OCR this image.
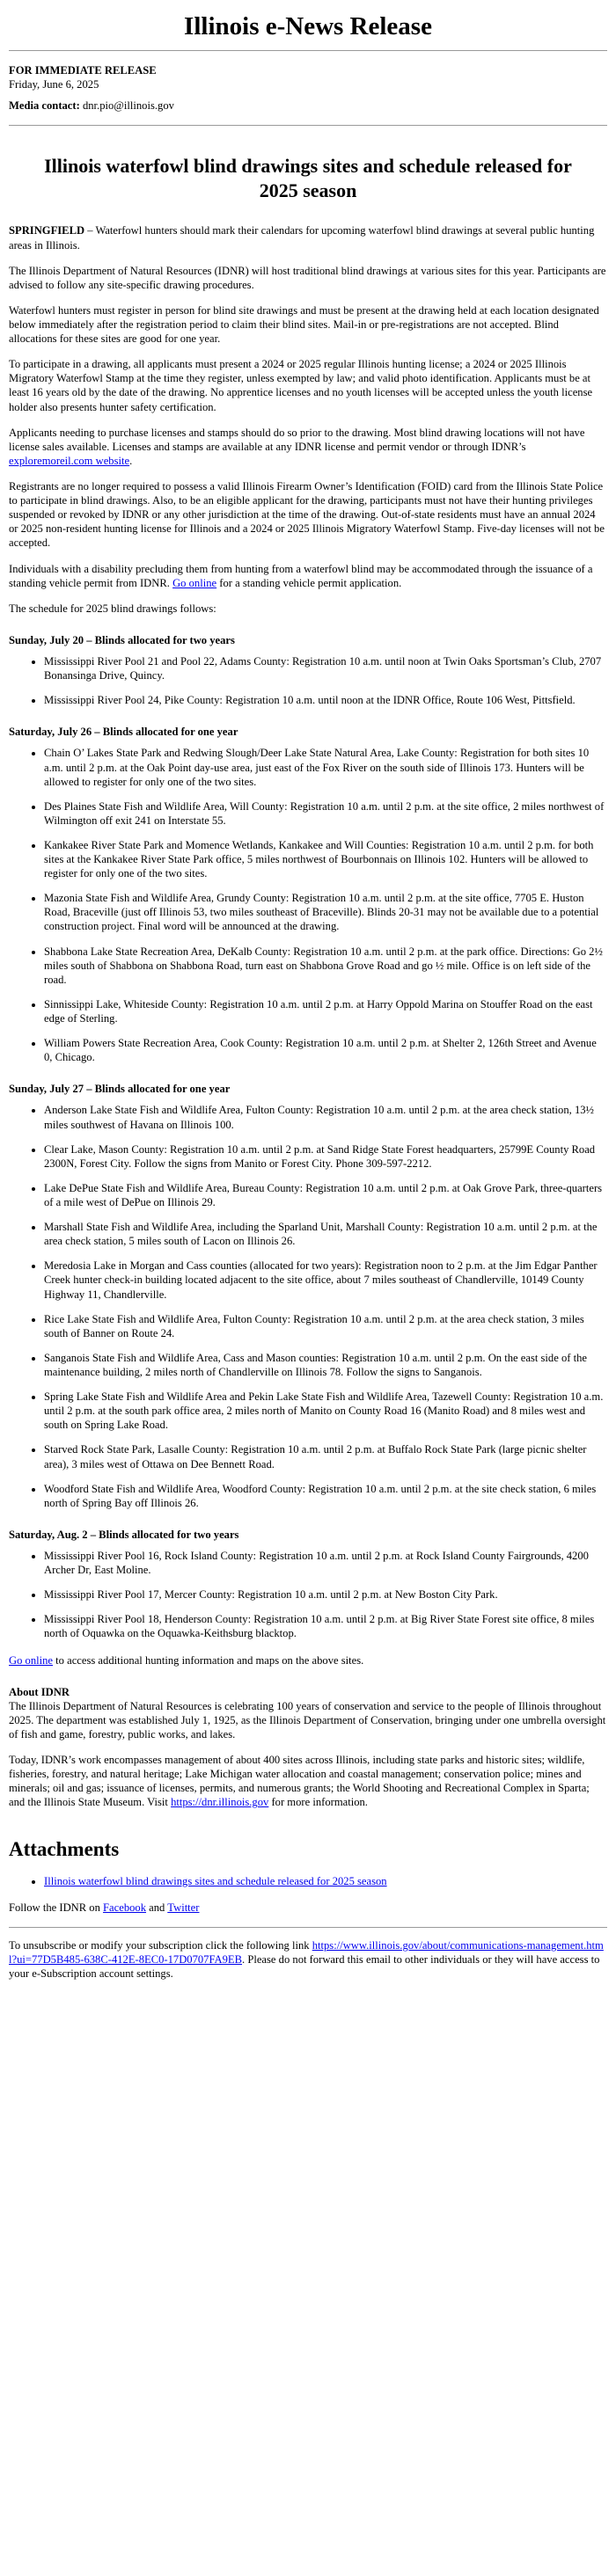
Illinois e-News Release

FOR IMMEDIATE RELEASE

Friday, June 6, 2025

Media contact: dnr.pio@illinois.gov

Illinois waterfowl blind drawings sites and schedule released for 2025 season

SPRINGFIELD – Waterfowl hunters should mark their calendars for upcoming waterfowl blind drawings at several public hunting areas in Illinois.

The Illinois Department of Natural Resources (IDNR) will host traditional blind drawings at various sites for this year. Participants are advised to follow any site-specific drawing procedures.

Waterfowl hunters must register in person for blind site drawings and must be present at the drawing held at each location designated below immediately after the registration period to claim their blind sites. Mail-in or pre-registrations are not accepted. Blind allocations for these sites are good for one year.

To participate in a drawing, all applicants must present a 2024 or 2025 regular Illinois hunting license; a 2024 or 2025 Illinois Migratory Waterfowl Stamp at the time they register, unless exempted by law; and valid photo identification. Applicants must be at least 16 years old by the date of the drawing. No apprentice licenses and no youth licenses will be accepted unless the youth license holder also presents hunter safety certification.

Applicants needing to purchase licenses and stamps should do so prior to the drawing. Most blind drawing locations will not have license sales available. Licenses and stamps are available at any IDNR license and permit vendor or through IDNR’s exploremoreil.com website.

Registrants are no longer required to possess a valid Illinois Firearm Owner’s Identification (FOID) card from the Illinois State Police to participate in blind drawings. Also, to be an eligible applicant for the drawing, participants must not have their hunting privileges suspended or revoked by IDNR or any other jurisdiction at the time of the drawing. Out-of-state residents must have an annual 2024 or 2025 non-resident hunting license for Illinois and a 2024 or 2025 Illinois Migratory Waterfowl Stamp. Five-day licenses will not be accepted.

Individuals with a disability precluding them from hunting from a waterfowl blind may be accommodated through the issuance of a standing vehicle permit from IDNR. Go online for a standing vehicle permit application.

The schedule for 2025 blind drawings follows:

Sunday, July 20 – Blinds allocated for two years

• Mississippi River Pool 21 and Pool 22, Adams County: Registration 10 a.m. until noon at Twin Oaks Sportsman’s Club, 2707 Bonansinga Drive, Quincy.
• Mississippi River Pool 24, Pike County: Registration 10 a.m. until noon at the IDNR Office, Route 106 West, Pittsfield.

Saturday, July 26 – Blinds allocated for one year

• Chain O’ Lakes State Park and Redwing Slough/Deer Lake State Natural Area, Lake County: Registration for both sites 10 a.m. until 2 p.m. at the Oak Point day-use area, just east of the Fox River on the south side of Illinois 173. Hunters will be allowed to register for only one of the two sites.
• Des Plaines State Fish and Wildlife Area, Will County: Registration 10 a.m. until 2 p.m. at the site office, 2 miles northwest of Wilmington off exit 241 on Interstate 55.
• Kankakee River State Park and Momence Wetlands, Kankakee and Will Counties: Registration 10 a.m. until 2 p.m. for both sites at the Kankakee River State Park office, 5 miles northwest of Bourbonnais on Illinois 102. Hunters will be allowed to register for only one of the two sites.
• Mazonia State Fish and Wildlife Area, Grundy County: Registration 10 a.m. until 2 p.m. at the site office, 7705 E. Huston Road, Braceville (just off Illinois 53, two miles southeast of Braceville). Blinds 20-31 may not be available due to a potential construction project. Final word will be announced at the drawing.
• Shabbona Lake State Recreation Area, DeKalb County: Registration 10 a.m. until 2 p.m. at the park office. Directions: Go 2½ miles south of Shabbona on Shabbona Road, turn east on Shabbona Grove Road and go ½ mile. Office is on left side of the road.
• Sinnissippi Lake, Whiteside County: Registration 10 a.m. until 2 p.m. at Harry Oppold Marina on Stouffer Road on the east edge of Sterling.
• William Powers State Recreation Area, Cook County: Registration 10 a.m. until 2 p.m. at Shelter 2, 126th Street and Avenue 0, Chicago.

Sunday, July 27 – Blinds allocated for one year

• Anderson Lake State Fish and Wildlife Area, Fulton County: Registration 10 a.m. until 2 p.m. at the area check station, 13½ miles southwest of Havana on Illinois 100.
• Clear Lake, Mason County: Registration 10 a.m. until 2 p.m. at Sand Ridge State Forest headquarters, 25799E County Road 2300N, Forest City. Follow the signs from Manito or Forest City. Phone 309-597-2212.
• Lake DePue State Fish and Wildlife Area, Bureau County: Registration 10 a.m. until 2 p.m. at Oak Grove Park, three-quarters of a mile west of DePue on Illinois 29.
• Marshall State Fish and Wildlife Area, including the Sparland Unit, Marshall County: Registration 10 a.m. until 2 p.m. at the area check station, 5 miles south of Lacon on Illinois 26.
• Meredosia Lake in Morgan and Cass counties (allocated for two years): Registration noon to 2 p.m. at the Jim Edgar Panther Creek hunter check-in building located adjacent to the site office, about 7 miles southeast of Chandlerville, 10149 County Highway 11, Chandlerville.
• Rice Lake State Fish and Wildlife Area, Fulton County: Registration 10 a.m. until 2 p.m. at the area check station, 3 miles south of Banner on Route 24.
• Sanganois State Fish and Wildlife Area, Cass and Mason counties: Registration 10 a.m. until 2 p.m. On the east side of the maintenance building, 2 miles north of Chandlerville on Illinois 78. Follow the signs to Sanganois.
• Spring Lake State Fish and Wildlife Area and Pekin Lake State Fish and Wildlife Area, Tazewell County: Registration 10 a.m. until 2 p.m. at the south park office area, 2 miles north of Manito on County Road 16 (Manito Road) and 8 miles west and south on Spring Lake Road.
• Starved Rock State Park, Lasalle County: Registration 10 a.m. until 2 p.m. at Buffalo Rock State Park (large picnic shelter area), 3 miles west of Ottawa on Dee Bennett Road.
• Woodford State Fish and Wildlife Area, Woodford County: Registration 10 a.m. until 2 p.m. at the site check station, 6 miles north of Spring Bay off Illinois 26.

Saturday, Aug. 2 – Blinds allocated for two years

• Mississippi River Pool 16, Rock Island County: Registration 10 a.m. until 2 p.m. at Rock Island County Fairgrounds, 4200 Archer Dr, East Moline.
• Mississippi River Pool 17, Mercer County: Registration 10 a.m. until 2 p.m. at New Boston City Park.
• Mississippi River Pool 18, Henderson County: Registration 10 a.m. until 2 p.m. at Big River State Forest site office, 8 miles north of Oquawka on the Oquawka-Keithsburg blacktop.

Go online to access additional hunting information and maps on the above sites.

About IDNR

The Illinois Department of Natural Resources is celebrating 100 years of conservation and service to the people of Illinois throughout 2025. The department was established July 1, 1925, as the Illinois Department of Conservation, bringing under one umbrella oversight of fish and game, forestry, public works, and lakes.

Today, IDNR’s work encompasses management of about 400 sites across Illinois, including state parks and historic sites; wildlife, fisheries, forestry, and natural heritage; Lake Michigan water allocation and coastal management; conservation police; mines and minerals; oil and gas; issuance of licenses, permits, and numerous grants; the World Shooting and Recreational Complex in Sparta; and the Illinois State Museum. Visit https://dnr.illinois.gov for more information.

Attachments
• Illinois waterfowl blind drawings sites and schedule released for 2025 season

Follow the IDNR on Facebook and Twitter

To unsubscribe or modify your subscription click the following link https://www.illinois.gov/about/communications-management.html?ui=77D5B485-638C-412E-8EC0-17D0707FA9EB. Please do not forward this email to other individuals or they will have access to your e-Subscription account settings.
